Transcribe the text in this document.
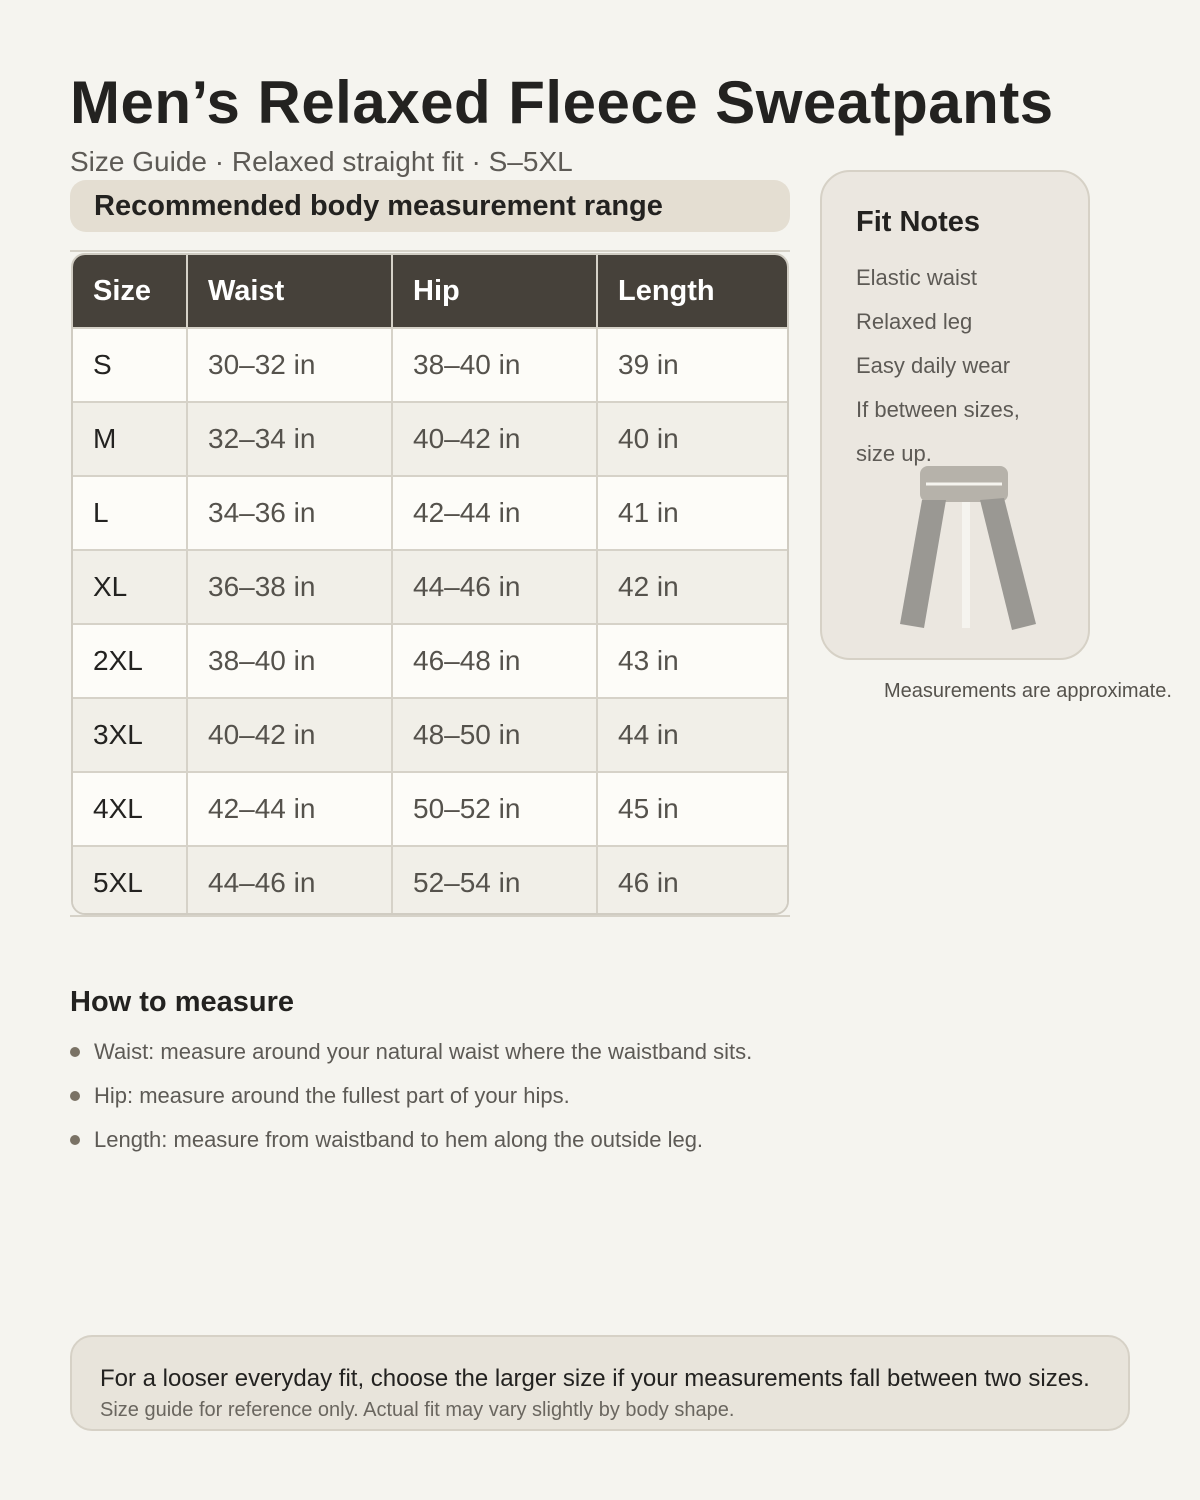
Men’s Relaxed Fleece Sweatpants
Size Guide · Relaxed straight fit · S–5XL
Recommended body measurement range
Size	Waist	Hip	Length
S	30–32 in	38–40 in	39 in
M	32–34 in	40–42 in	40 in
L	34–36 in	42–44 in	41 in
XL	36–38 in	44–46 in	42 in
2XL	38–40 in	46–48 in	43 in
3XL	40–42 in	48–50 in	44 in
4XL	42–44 in	50–52 in	45 in
5XL	44–46 in	52–54 in	46 in
Fit Notes
Elastic waist
Relaxed leg
Easy daily wear
If between sizes,
size up.
Measurements are approximate.
How to measure
Waist: measure around your natural waist where the waistband sits.
Hip: measure around the fullest part of your hips.
Length: measure from waistband to hem along the outside leg.
For a looser everyday fit, choose the larger size if your measurements fall between two sizes.
Size guide for reference only. Actual fit may vary slightly by body shape.
